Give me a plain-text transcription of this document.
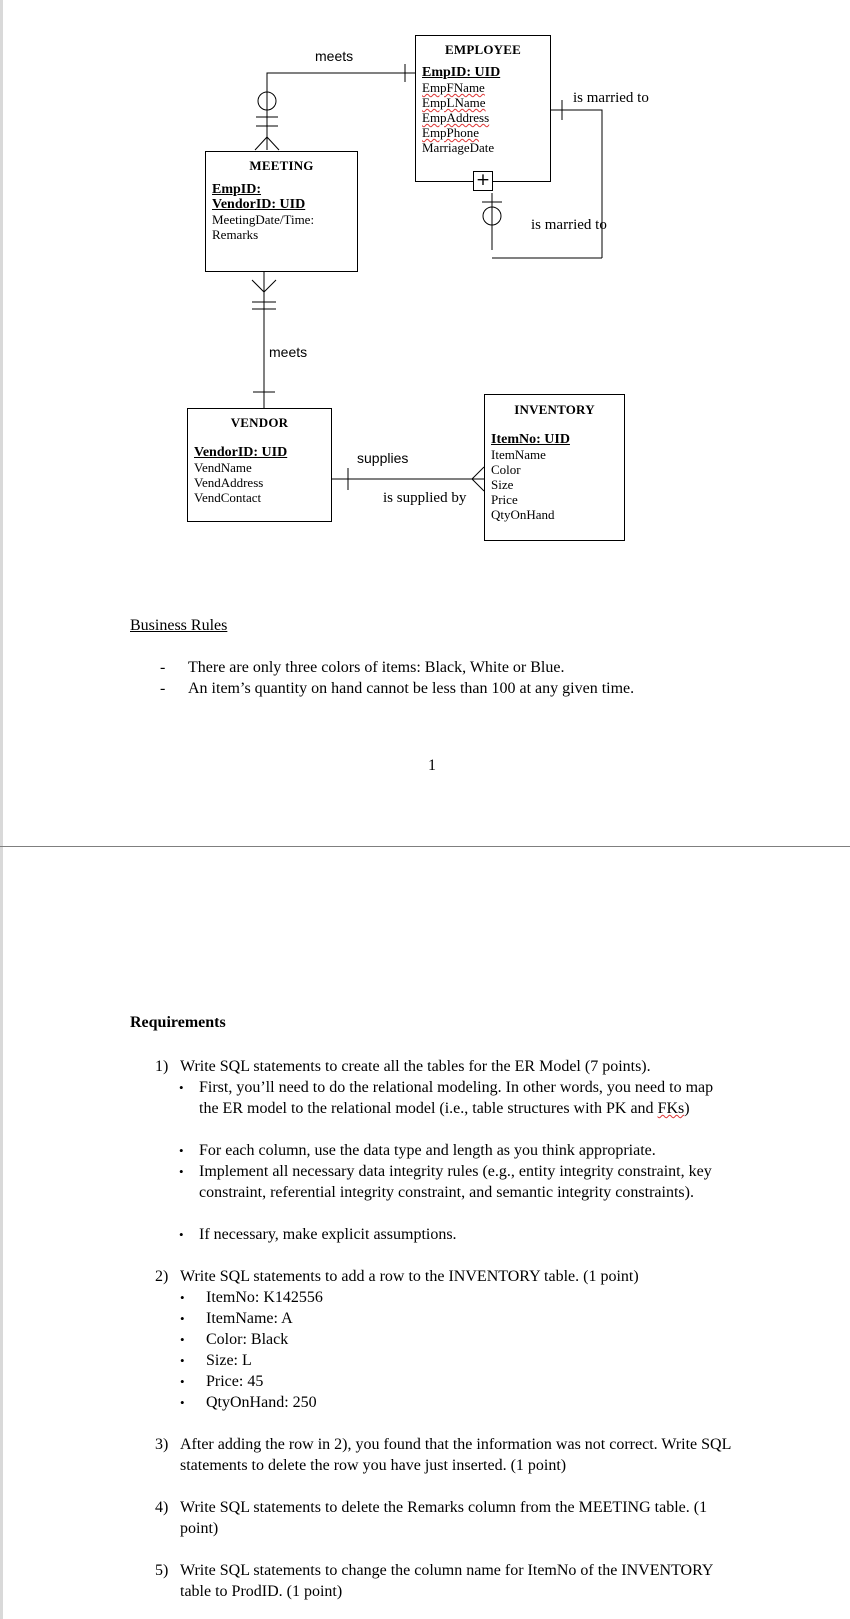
EMPLOYEE
EmpID: UID
EmpFName
EmpLName
EmpAddress
EmpPhone
MarriageDate
+
MEETING
EmpID:
VendorID: UID
MeetingDate/Time:
Remarks
VENDOR
VendorID: UID
VendName
VendAddress
VendContact
INVENTORY
ItemNo: UID
ItemName
Color
Size
Price
QtyOnHand
meets
meets
is married to
is married to
supplies
is supplied by
Business Rules
- There are only three colors of items: Black, White or Blue.
- An item’s quantity on hand cannot be less than 100 at any given time.
1
Requirements
1) Write SQL statements to create all the tables for the ER Model (7 points).
• First, you’ll need to do the relational modeling. In other words, you need to map the ER model to the relational model (i.e., table structures with PK and FKs)
• For each column, use the data type and length as you think appropriate.
• Implement all necessary data integrity rules (e.g., entity integrity constraint, key constraint, referential integrity constraint, and semantic integrity constraints).
• If necessary, make explicit assumptions.
2) Write SQL statements to add a row to the INVENTORY table. (1 point)
• ItemNo: K142556
• ItemName: A
• Color: Black
• Size: L
• Price: 45
• QtyOnHand: 250
3) After adding the row in 2), you found that the information was not correct. Write SQL statements to delete the row you have just inserted. (1 point)
4) Write SQL statements to delete the Remarks column from the MEETING table. (1 point)
5) Write SQL statements to change the column name for ItemNo of the INVENTORY table to ProdID. (1 point)
